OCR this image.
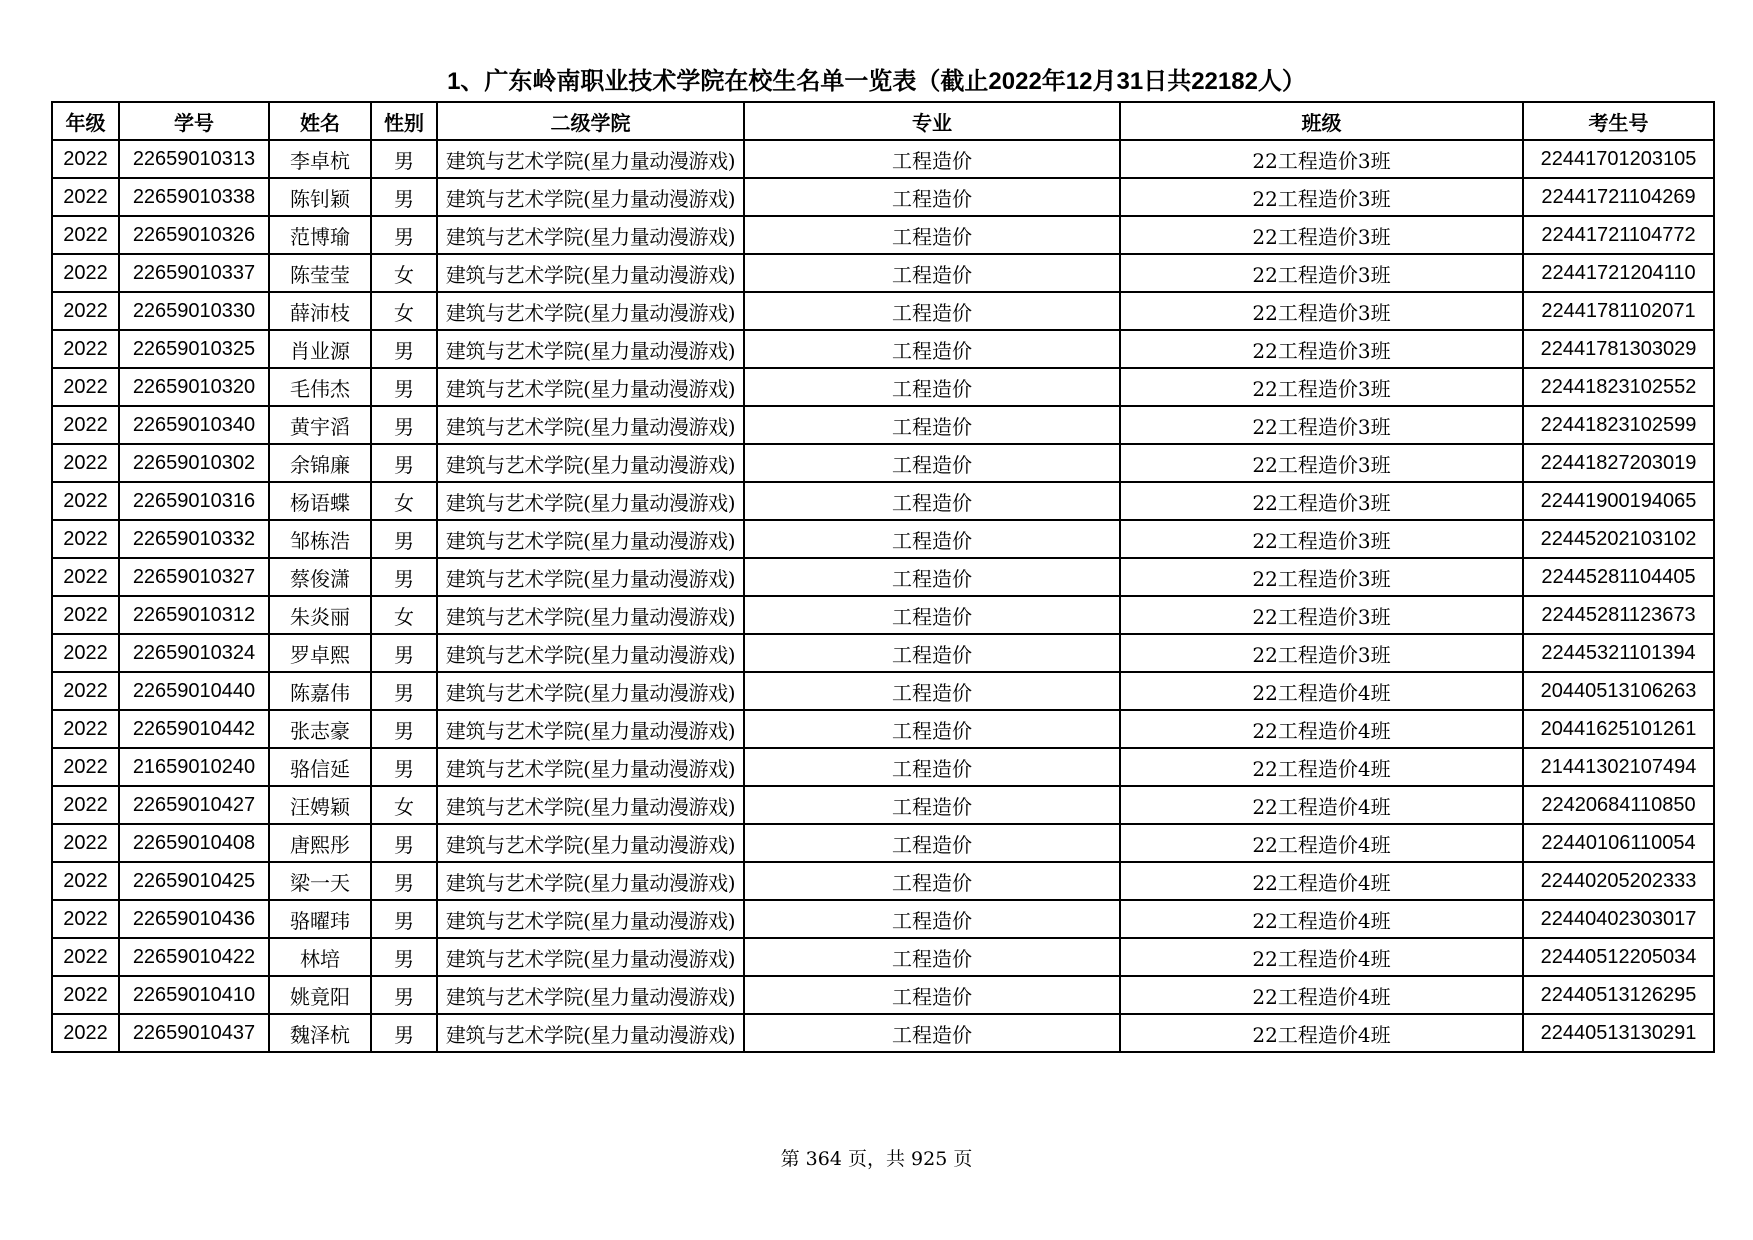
1、广东岭南职业技术学院在校生名单一览表（截止2022年12月31日共22182人）
年级	学号	姓名	性别	二级学院	专业	班级	考生号
2022	22659010313	李卓杭	男	建筑与艺术学院(星力量动漫游戏)	工程造价	22工程造价3班	22441701203105
2022	22659010338	陈钊颖	男	建筑与艺术学院(星力量动漫游戏)	工程造价	22工程造价3班	22441721104269
2022	22659010326	范博瑜	男	建筑与艺术学院(星力量动漫游戏)	工程造价	22工程造价3班	22441721104772
2022	22659010337	陈莹莹	女	建筑与艺术学院(星力量动漫游戏)	工程造价	22工程造价3班	22441721204110
2022	22659010330	薛沛枝	女	建筑与艺术学院(星力量动漫游戏)	工程造价	22工程造价3班	22441781102071
2022	22659010325	肖业源	男	建筑与艺术学院(星力量动漫游戏)	工程造价	22工程造价3班	22441781303029
2022	22659010320	毛伟杰	男	建筑与艺术学院(星力量动漫游戏)	工程造价	22工程造价3班	22441823102552
2022	22659010340	黄宇滔	男	建筑与艺术学院(星力量动漫游戏)	工程造价	22工程造价3班	22441823102599
2022	22659010302	余锦廉	男	建筑与艺术学院(星力量动漫游戏)	工程造价	22工程造价3班	22441827203019
2022	22659010316	杨语蝶	女	建筑与艺术学院(星力量动漫游戏)	工程造价	22工程造价3班	22441900194065
2022	22659010332	邹栋浩	男	建筑与艺术学院(星力量动漫游戏)	工程造价	22工程造价3班	22445202103102
2022	22659010327	蔡俊潇	男	建筑与艺术学院(星力量动漫游戏)	工程造价	22工程造价3班	22445281104405
2022	22659010312	朱炎丽	女	建筑与艺术学院(星力量动漫游戏)	工程造价	22工程造价3班	22445281123673
2022	22659010324	罗卓熙	男	建筑与艺术学院(星力量动漫游戏)	工程造价	22工程造价3班	22445321101394
2022	22659010440	陈嘉伟	男	建筑与艺术学院(星力量动漫游戏)	工程造价	22工程造价4班	20440513106263
2022	22659010442	张志豪	男	建筑与艺术学院(星力量动漫游戏)	工程造价	22工程造价4班	20441625101261
2022	21659010240	骆信延	男	建筑与艺术学院(星力量动漫游戏)	工程造价	22工程造价4班	21441302107494
2022	22659010427	汪娉颖	女	建筑与艺术学院(星力量动漫游戏)	工程造价	22工程造价4班	22420684110850
2022	22659010408	唐熙彤	男	建筑与艺术学院(星力量动漫游戏)	工程造价	22工程造价4班	22440106110054
2022	22659010425	梁一天	男	建筑与艺术学院(星力量动漫游戏)	工程造价	22工程造价4班	22440205202333
2022	22659010436	骆曜玮	男	建筑与艺术学院(星力量动漫游戏)	工程造价	22工程造价4班	22440402303017
2022	22659010422	林培	男	建筑与艺术学院(星力量动漫游戏)	工程造价	22工程造价4班	22440512205034
2022	22659010410	姚竟阳	男	建筑与艺术学院(星力量动漫游戏)	工程造价	22工程造价4班	22440513126295
2022	22659010437	魏泽杭	男	建筑与艺术学院(星力量动漫游戏)	工程造价	22工程造价4班	22440513130291
第 364 页，共 925 页
